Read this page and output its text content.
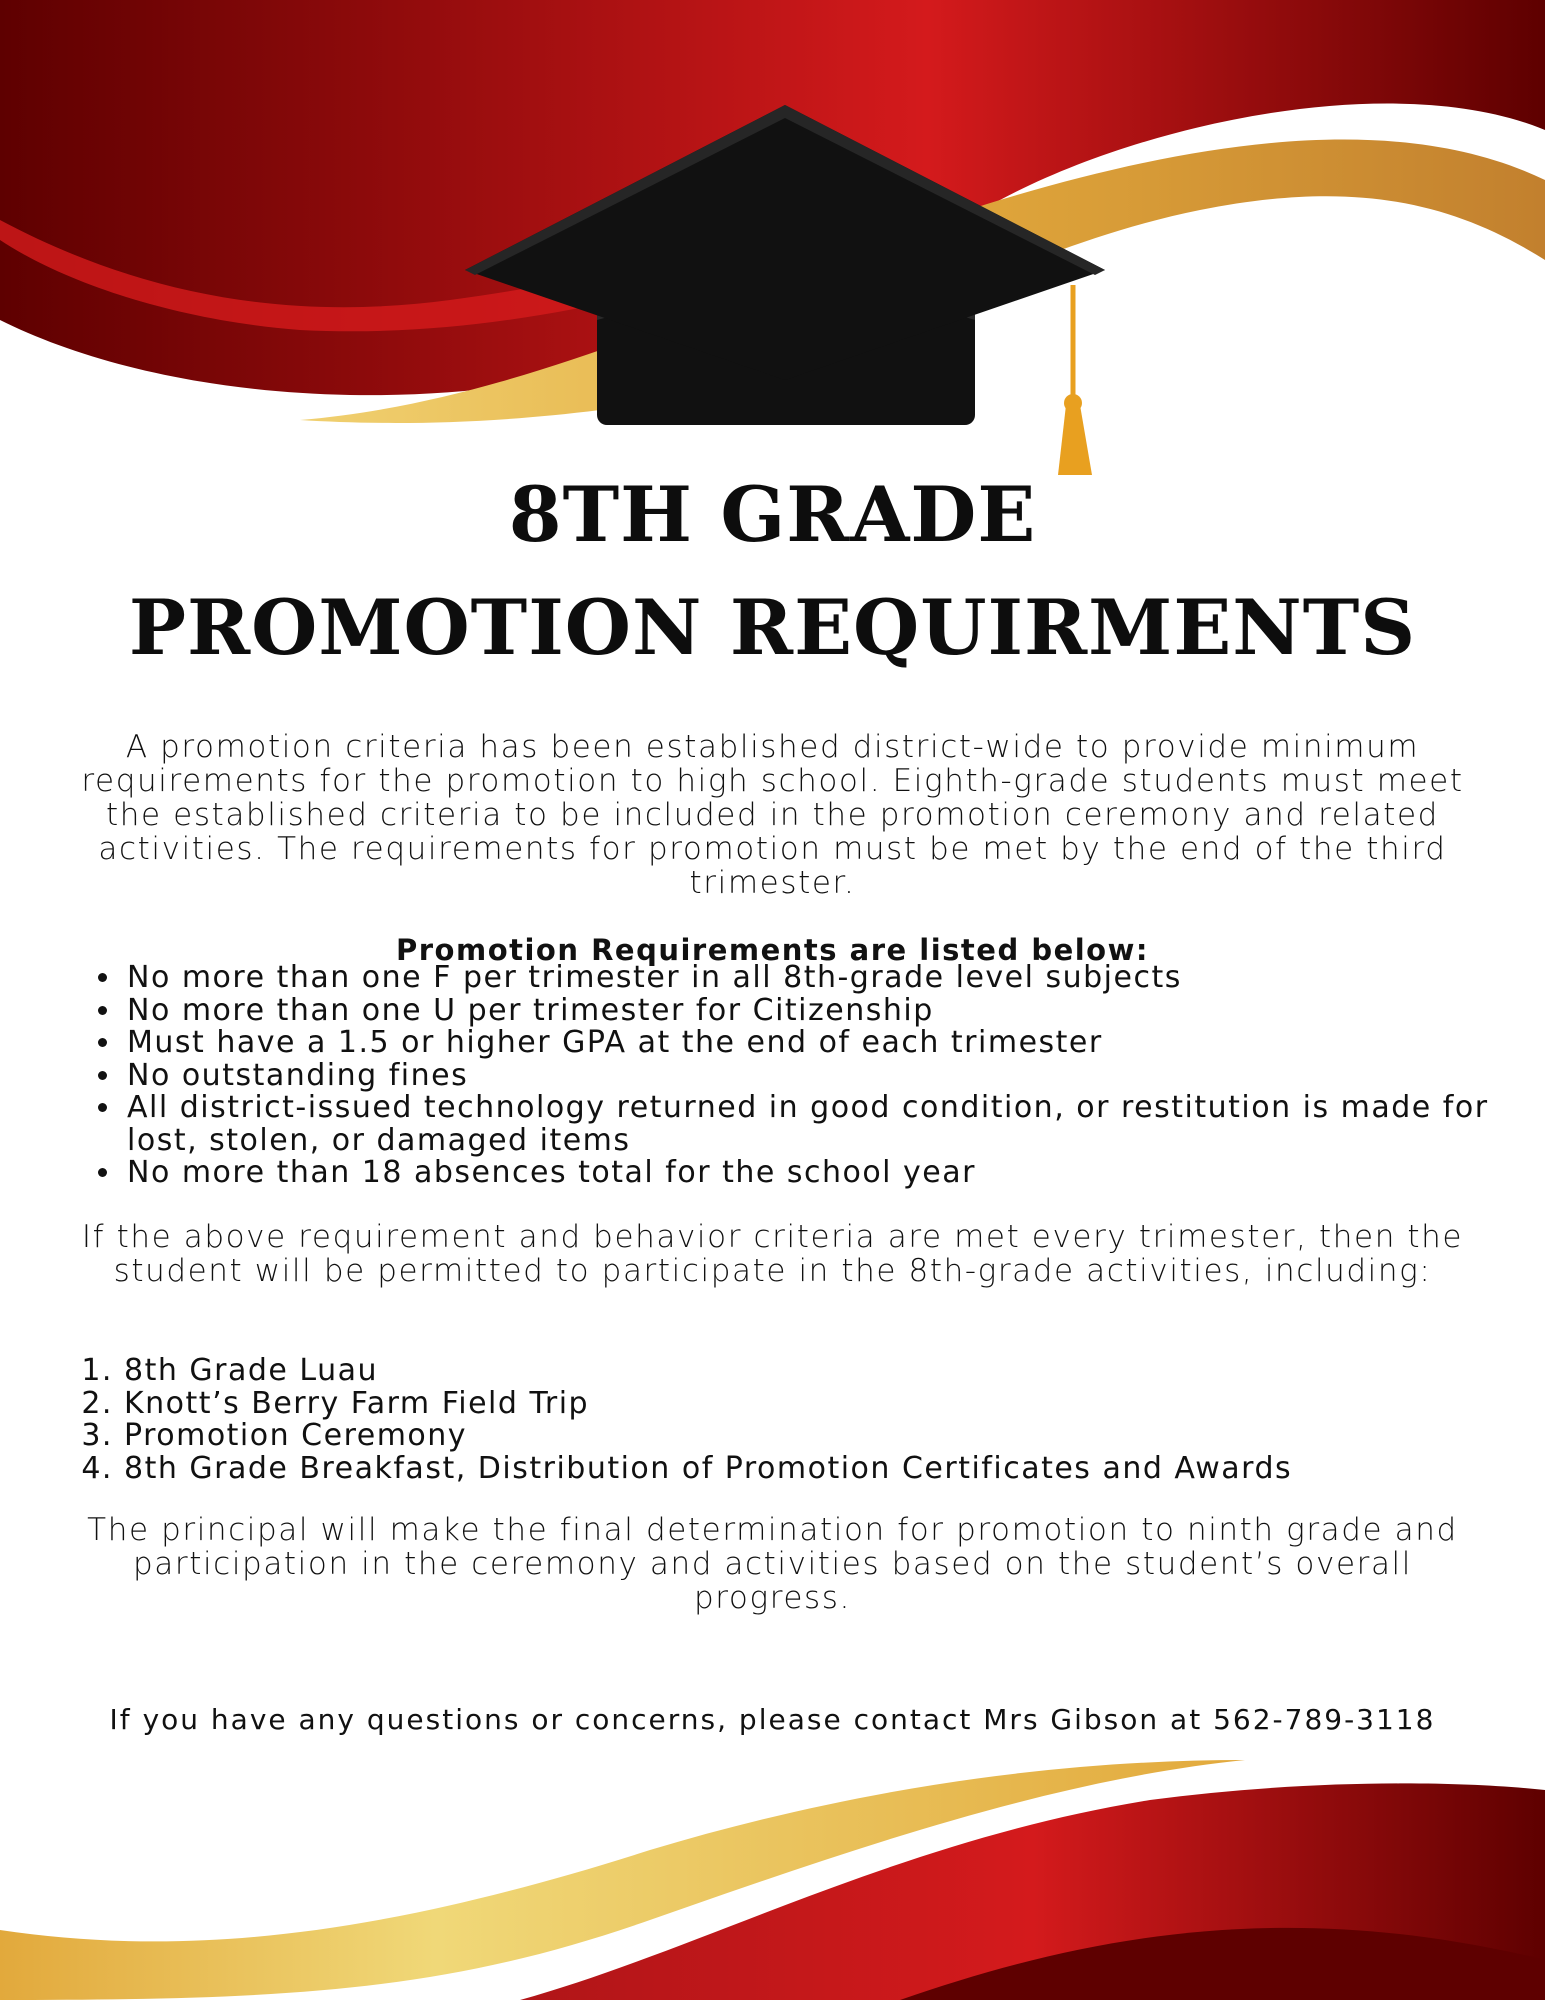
8TH GRADE
PROMOTION REQUIRMENTS
A promotion criteria has been established district-wide to provide minimum requirements for the promotion to high school. Eighth-grade students must meet the established criteria to be included in the promotion ceremony and related activities. The requirements for promotion must be met by the end of the third trimester.
Promotion Requirements are listed below:
• No more than one F per trimester in all 8th-grade level subjects
• No more than one U per trimester for Citizenship
• Must have a 1.5 or higher GPA at the end of each trimester
• No outstanding fines
• All district-issued technology returned in good condition, or restitution is made for lost, stolen, or damaged items
• No more than 18 absences total for the school year
If the above requirement and behavior criteria are met every trimester, then the student will be permitted to participate in the 8th-grade activities, including:
1. 8th Grade Luau
2. Knott’s Berry Farm Field Trip
3. Promotion Ceremony
4. 8th Grade Breakfast, Distribution of Promotion Certificates and Awards
The principal will make the final determination for promotion to ninth grade and participation in the ceremony and activities based on the student’s overall progress.
If you have any questions or concerns, please contact Mrs Gibson at 562-789-3118
